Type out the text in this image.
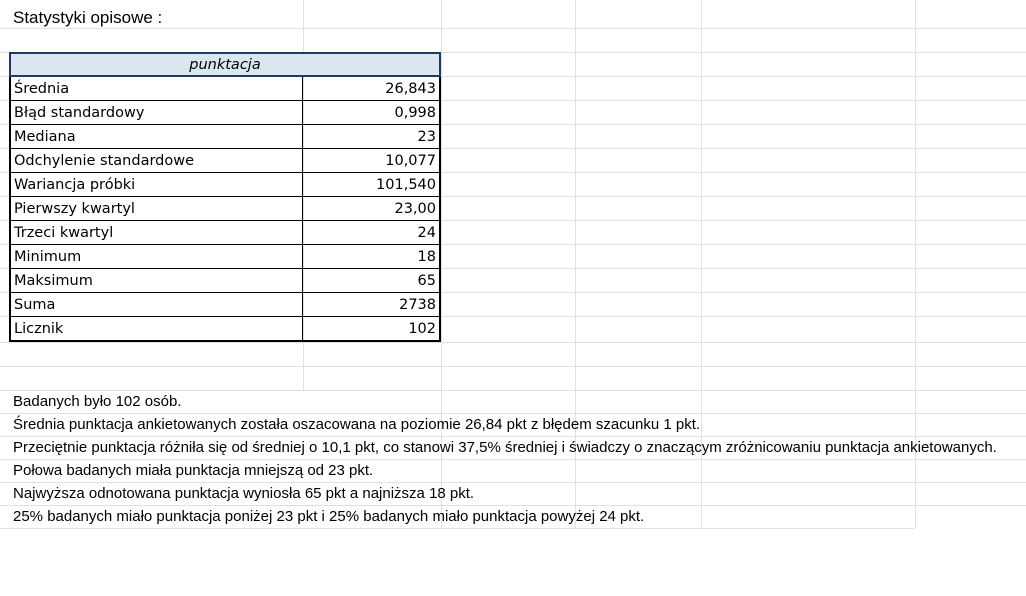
Statystyki opisowe :
punktacja	
Średnia	26,843
Błąd standardowy	0,998
Mediana	23
Odchylenie standardowe	10,077
Wariancja próbki	101,540
Pierwszy kwartyl	23,00
Trzeci kwartyl	24
Minimum	18
Maksimum	65
Suma	2738
Licznik	102
Badanych było 102 osób.
Średnia punktacja ankietowanych została oszacowana na poziomie 26,84 pkt z błędem szacunku 1 pkt.
Przeciętnie punktacja różniła się od średniej o 10,1 pkt, co stanowi 37,5% średniej i świadczy o znaczącym zróżnicowaniu punktacja ankietowanych.
Połowa badanych miała punktacja mniejszą od 23 pkt.
Najwyższa odnotowana punktacja wyniosła 65 pkt a najniższa 18 pkt.
25% badanych miało punktacja poniżej 23 pkt i 25% badanych miało punktacja powyżej 24 pkt.
